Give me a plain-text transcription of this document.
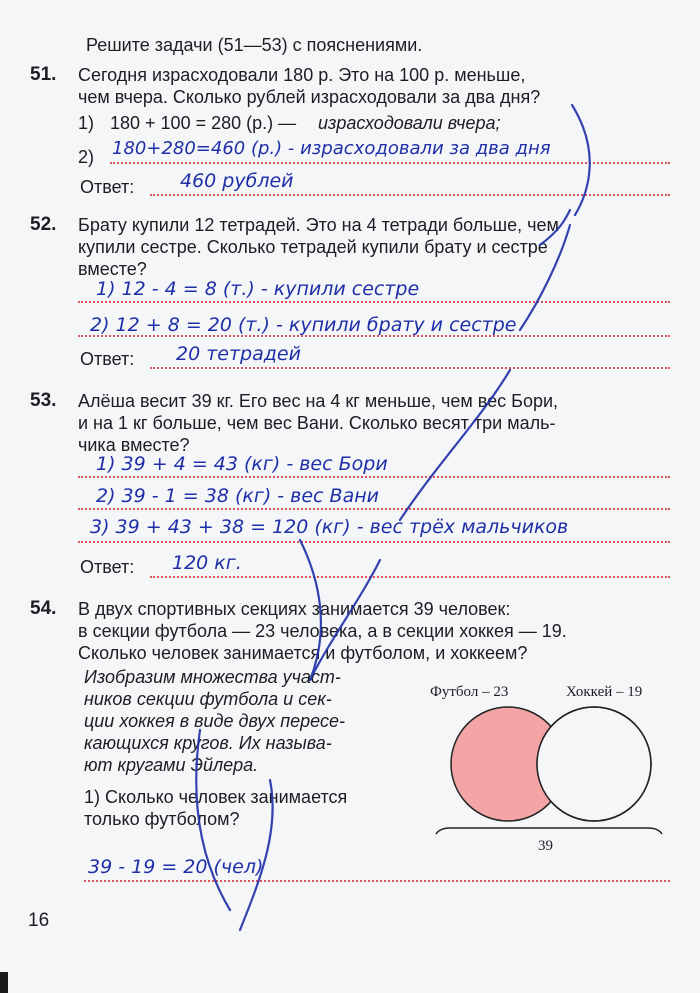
Решите задачи (51—53) с пояснениями.
51. Сегодня израсходовали 180 р. Это на 100 р. меньше,
чем вчера. Сколько рублей израсходовали за два дня?
1) 180 + 100 = 280 (р.) — израсходовали вчера;
2) 180+280=460 (р.) - израсходовали за два дня
Ответ: 460 рублей
52. Брату купили 12 тетрадей. Это на 4 тетради больше, чем
купили сестре. Сколько тетрадей купили брату и сестре
вместе?
1) 12 - 4 = 8 (т.) - купили сестре
2) 12 + 8 = 20 (т.) - купили брату и сестре
Ответ: 20 тетрадей
53. Алёша весит 39 кг. Его вес на 4 кг меньше, чем вес Бори,
и на 1 кг больше, чем вес Вани. Сколько весят три маль-
чика вместе?
1) 39 + 4 = 43 (кг) - вес Бори
2) 39 - 1 = 38 (кг) - вес Вани
3) 39 + 43 + 38 = 120 (кг) - вес трёх мальчиков
Ответ: 120 кг.
54. В двух спортивных секциях занимается 39 человек:
в секции футбола — 23 человека, а в секции хоккея — 19.
Сколько человек занимается и футболом, и хоккеем?
Изобразим множества участ-
ников секции футбола и сек-
ции хоккея в виде двух пересе-
кающихся кругов. Их называ-
ют кругами Эйлера.
1) Сколько человек занимается
только футболом?
39 - 19 = 20 (чел)
Футбол – 23	Хоккей – 19
39
16
